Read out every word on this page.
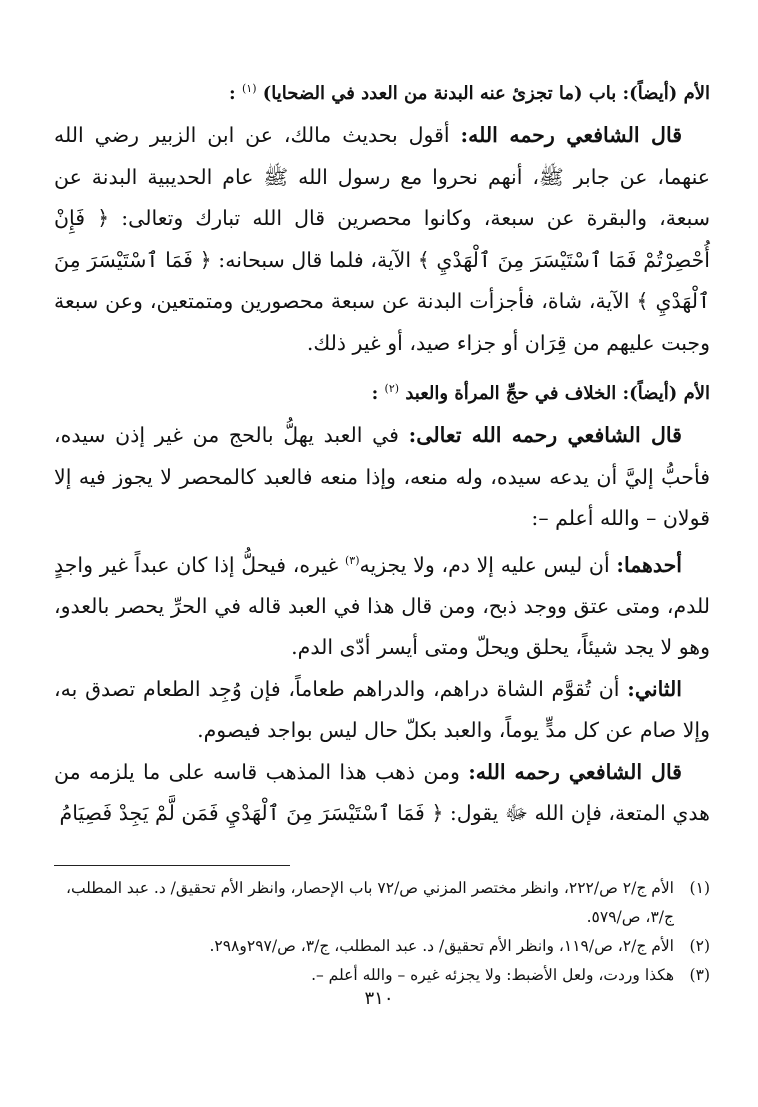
الأم (أيضاً): باب (ما تجزئ عنه البدنة من العدد في الضحايا) $^{(١)}$ :

قال الشافعي رحمه الله: أقول بحديث مالك، عن ابن الزبير رضي الله عنهما، عن جابر ﷺ، أنهم نحروا مع رسول الله ﷺ عام الحديبية البدنة عن سبعة، والبقرة عن سبعة، وكانوا محصرين قال الله تبارك وتعالى: ﴿ فَإِنْ أُحْصِرْتُمْ فَمَا ٱسْتَيْسَرَ مِنَ ٱلْهَدْيِ ﴾ الآية، فلما قال سبحانه: ﴿ فَمَا ٱسْتَيْسَرَ مِنَ ٱلْهَدْيِ ﴾ الآية، شاة، فأجزأت البدنة عن سبعة محصورين ومتمتعين، وعن سبعة وجبت عليهم من قِرَان أو جزاء صيد، أو غير ذلك.

الأم (أيضاً): الخلاف في حجِّ المرأة والعبد $^{(٢)}$ :

قال الشافعي رحمه الله تعالى: في العبد يهلُّ بالحج من غير إذن سيده، فأحبُّ إليَّ أن يدعه سيده، وله منعه، وإذا منعه فالعبد كالمحصر لا يجوز فيه إلا قولان – والله أعلم –:

أحدهما: أن ليس عليه إلا دم، ولا يجزيه$^{(٣)}$ غيره، فيحلُّ إذا كان عبداً غير واجدٍ للدم، ومتى عتق ووجد ذبح، ومن قال هذا في العبد قاله في الحرِّ يحصر بالعدو، وهو لا يجد شيئاً، يحلق ويحلّ ومتى أيسر أدّى الدم.

الثاني: أن تُقوَّم الشاة دراهم، والدراهم طعاماً، فإن وُجِد الطعام تصدق به، وإلا صام عن كل مدٍّ يوماً، والعبد بكلّ حال ليس بواجد فيصوم.

قال الشافعي رحمه الله: ومن ذهب هذا المذهب قاسه على ما يلزمه من هدي المتعة، فإن الله ﷻ يقول: ﴿ فَمَا ٱسْتَيْسَرَ مِنَ ٱلْهَدْيِ فَمَن لَّمْ يَجِدْ فَصِيَامُ

(١)
الأم ج/٢ ص/٢٢٢، وانظر مختصر المزني ص/٧٢ باب الإحصار، وانظر الأم تحقيق/ د. عبد المطلب، ج/٣، ص/٥٧٩.
(٢)
الأم ج/٢، ص/١١٩، وانظر الأم تحقيق/ د. عبد المطلب، ج/٣، ص/٢٩٧و٢٩٨.
(٣)
هكذا وردت، ولعل الأضبط: ولا يجزئه غيره – والله أعلم –.
٣١٠
